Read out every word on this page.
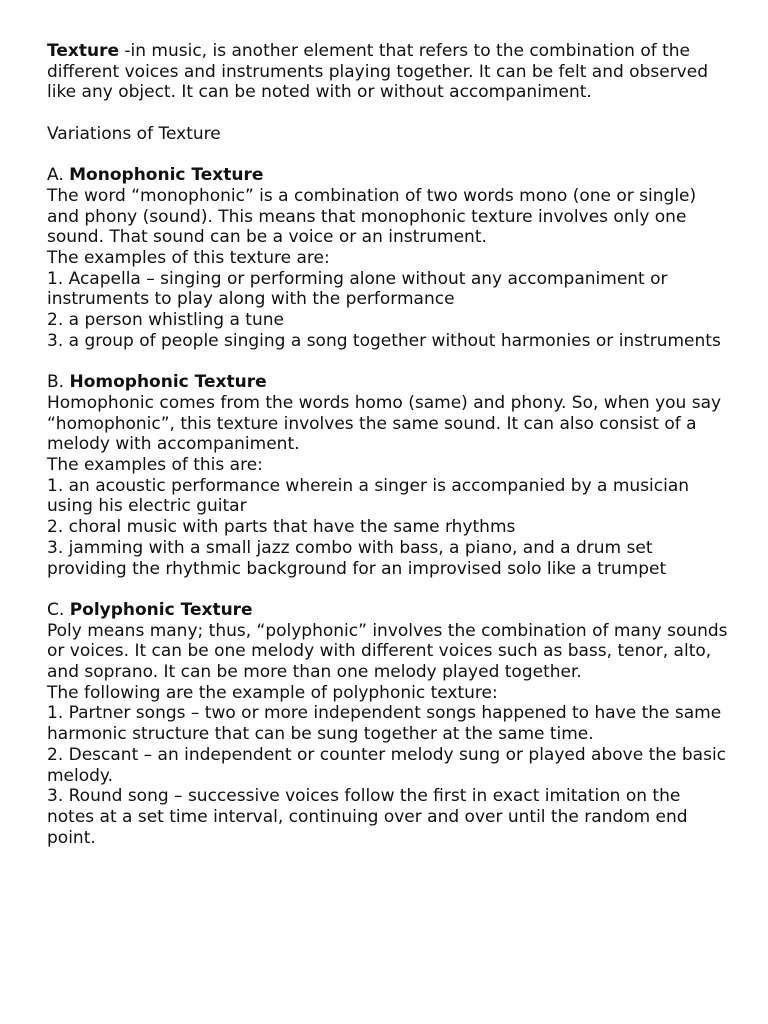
Texture -in music, is another element that refers to the combination of the different voices and instruments playing together. It can be felt and observed like any object. It can be noted with or without accompaniment.

Variations of Texture

A. Monophonic Texture

The word “monophonic” is a combination of two words mono (one or single) and phony (sound). This means that monophonic texture involves only one sound. That sound can be a voice or an instrument.

The examples of this texture are:

1. Acapella – singing or performing alone without any accompaniment or instruments to play along with the performance

2. a person whistling a tune

3. a group of people singing a song together without harmonies or instruments

B. Homophonic Texture

Homophonic comes from the words homo (same) and phony. So, when you say “homophonic”, this texture involves the same sound. It can also consist of a melody with accompaniment.

The examples of this are:

1. an acoustic performance wherein a singer is accompanied by a musician using his electric guitar

2. choral music with parts that have the same rhythms

3. jamming with a small jazz combo with bass, a piano, and a drum set providing the rhythmic background for an improvised solo like a trumpet

C. Polyphonic Texture

Poly means many; thus, “polyphonic” involves the combination of many sounds or voices. It can be one melody with different voices such as bass, tenor, alto, and soprano. It can be more than one melody played together.

The following are the example of polyphonic texture:

1. Partner songs – two or more independent songs happened to have the same harmonic structure that can be sung together at the same time.

2. Descant – an independent or counter melody sung or played above the basic melody.

3. Round song – successive voices follow the first in exact imitation on the notes at a set time interval, continuing over and over until the random end point.
